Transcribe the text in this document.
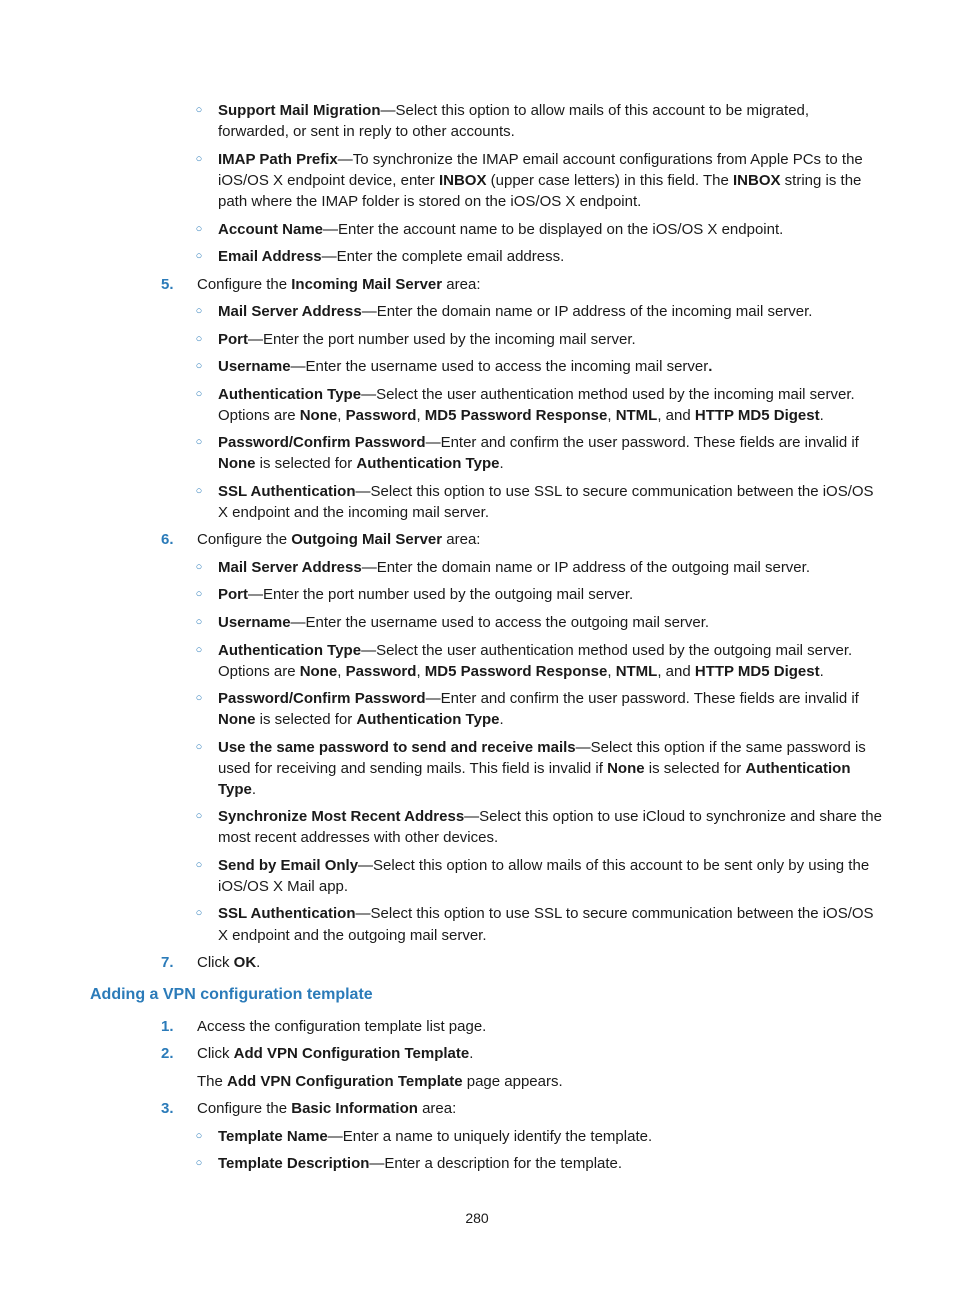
○ Support Mail Migration—Select this option to allow mails of this account to be migrated,
forwarded, or sent in reply to other accounts.
○ IMAP Path Prefix—To synchronize the IMAP email account configurations from Apple PCs to the
iOS/OS X endpoint device, enter INBOX (upper case letters) in this field. The INBOX string is the
path where the IMAP folder is stored on the iOS/OS X endpoint.
○ Account Name—Enter the account name to be displayed on the iOS/OS X endpoint.
○ Email Address—Enter the complete email address.
5.	Configure the Incoming Mail Server area:
○ Mail Server Address—Enter the domain name or IP address of the incoming mail server.
○ Port—Enter the port number used by the incoming mail server.
○ Username—Enter the username used to access the incoming mail server.
○ Authentication Type—Select the user authentication method used by the incoming mail server.
Options are None, Password, MD5 Password Response, NTML, and HTTP MD5 Digest.
○ Password/Confirm Password—Enter and confirm the user password. These fields are invalid if
None is selected for Authentication Type.
○ SSL Authentication—Select this option to use SSL to secure communication between the iOS/OS
X endpoint and the incoming mail server.
6.	Configure the Outgoing Mail Server area:
○ Mail Server Address—Enter the domain name or IP address of the outgoing mail server.
○ Port—Enter the port number used by the outgoing mail server.
○ Username—Enter the username used to access the outgoing mail server.
○ Authentication Type—Select the user authentication method used by the outgoing mail server.
Options are None, Password, MD5 Password Response, NTML, and HTTP MD5 Digest.
○ Password/Confirm Password—Enter and confirm the user password. These fields are invalid if
None is selected for Authentication Type.
○ Use the same password to send and receive mails—Select this option if the same password is
used for receiving and sending mails. This field is invalid if None is selected for Authentication
Type.
○ Synchronize Most Recent Address—Select this option to use iCloud to synchronize and share the
most recent addresses with other devices.
○ Send by Email Only—Select this option to allow mails of this account to be sent only by using the
iOS/OS X Mail app.
○ SSL Authentication—Select this option to use SSL to secure communication between the iOS/OS
X endpoint and the outgoing mail server.
7.	Click OK.
Adding a VPN configuration template
1.	Access the configuration template list page.
2.	Click Add VPN Configuration Template.
The Add VPN Configuration Template page appears.
3.	Configure the Basic Information area:
○ Template Name—Enter a name to uniquely identify the template.
○ Template Description—Enter a description for the template.
280
